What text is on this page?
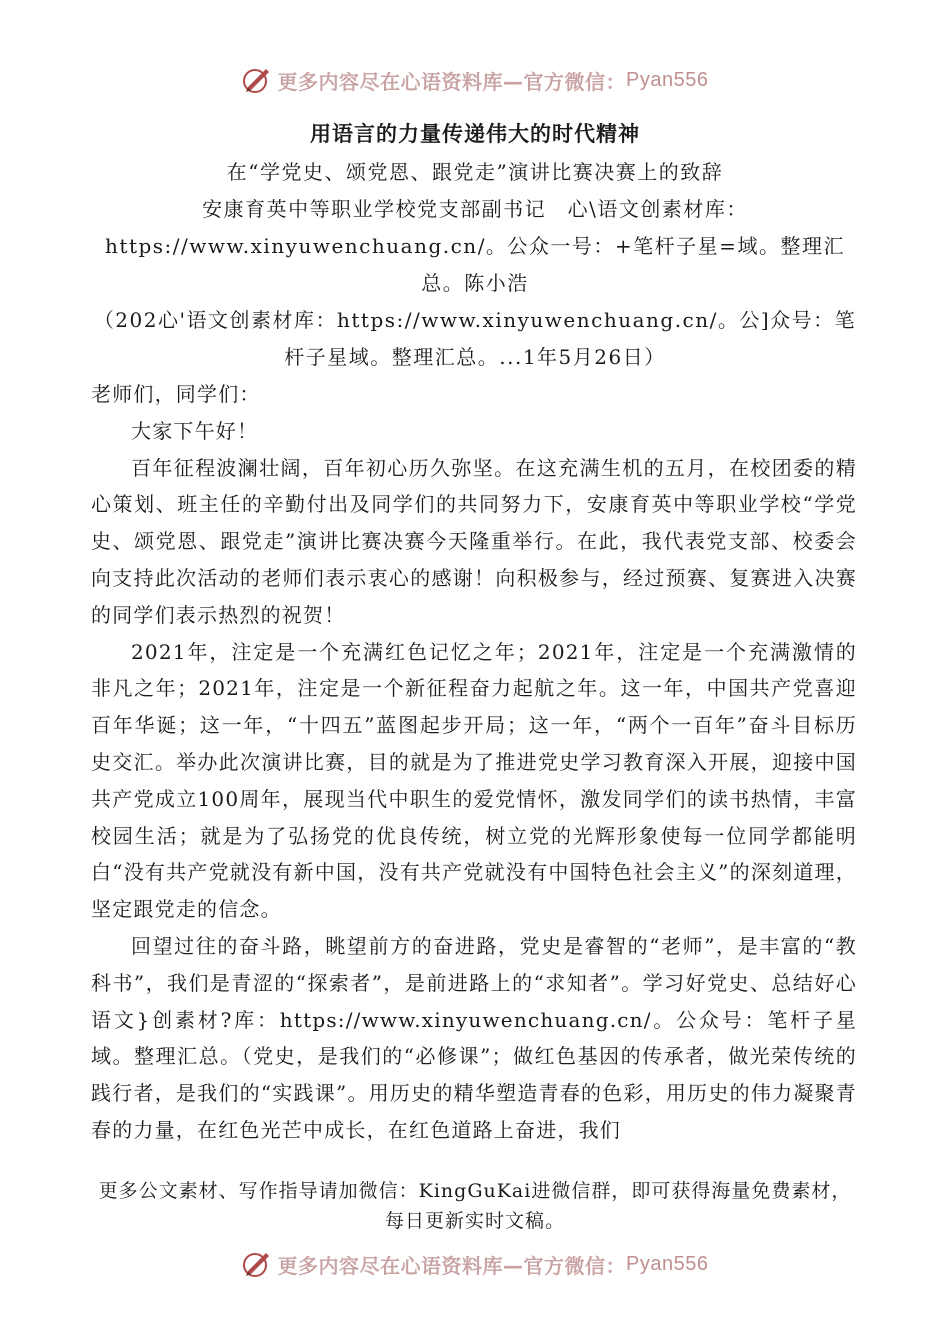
更多内容尽在心语资料库—官方微信： Pyan556
用语言的力量传递伟大的时代精神
在“学党史、颂党恩、跟党走”演讲比赛决赛上的致辞
安康育英中等职业学校党支部副书记　心\语文创素材库：https://www.xinyuwenchuang.cn/。公众一号：+笔杆子星=域。整理汇总。陈小浩
（202心'语文创素材库：https://www.xinyuwenchuang.cn/。公]众号：笔杆子星域。整理汇总。...1年5月26日）

老师们，同学们：

大家下午好！

百年征程波澜壮阔，百年初心历久弥坚。在这充满生机的五月，在校团委的精心策划、班主任的辛勤付出及同学们的共同努力下，安康育英中等职业学校“学党史、颂党恩、跟党走”演讲比赛决赛今天隆重举行。在此，我代表党支部、校委会向支持此次活动的老师们表示衷心的感谢！向积极参与，经过预赛、复赛进入决赛的同学们表示热烈的祝贺！

2021年，注定是一个充满红色记忆之年；2021年，注定是一个充满激情的非凡之年；2021年，注定是一个新征程奋力起航之年。这一年，中国共产党喜迎百年华诞；这一年，“十四五”蓝图起步开局；这一年，“两个一百年”奋斗目标历史交汇。举办此次演讲比赛，目的就是为了推进党史学习教育深入开展，迎接中国共产党成立100周年，展现当代中职生的爱党情怀，激发同学们的读书热情，丰富校园生活；就是为了弘扬党的优良传统，树立党的光辉形象使每一位同学都能明白“没有共产党就没有新中国，没有共产党就没有中国特色社会主义”的深刻道理，坚定跟党走的信念。

回望过往的奋斗路，眺望前方的奋进路，党史是睿智的“老师”，是丰富的“教科书”，我们是青涩的“探索者”，是前进路上的“求知者”。学习好党史、总结好心语文}创素材?库：https://www.xinyuwenchuang.cn/。公众号：笔杆子星域。整理汇总。（党史，是我们的“必修课”；做红色基因的传承者，做光荣传统的践行者，是我们的“实践课”。用历史的精华塑造青春的色彩，用历史的伟力凝聚青春的力量，在红色光芒中成长，在红色道路上奋进，我们

更多公文素材、写作指导请加微信：KingGuKai进微信群，即可获得海量免费素材，每日更新实时文稿。
更多内容尽在心语资料库—官方微信： Pyan556
